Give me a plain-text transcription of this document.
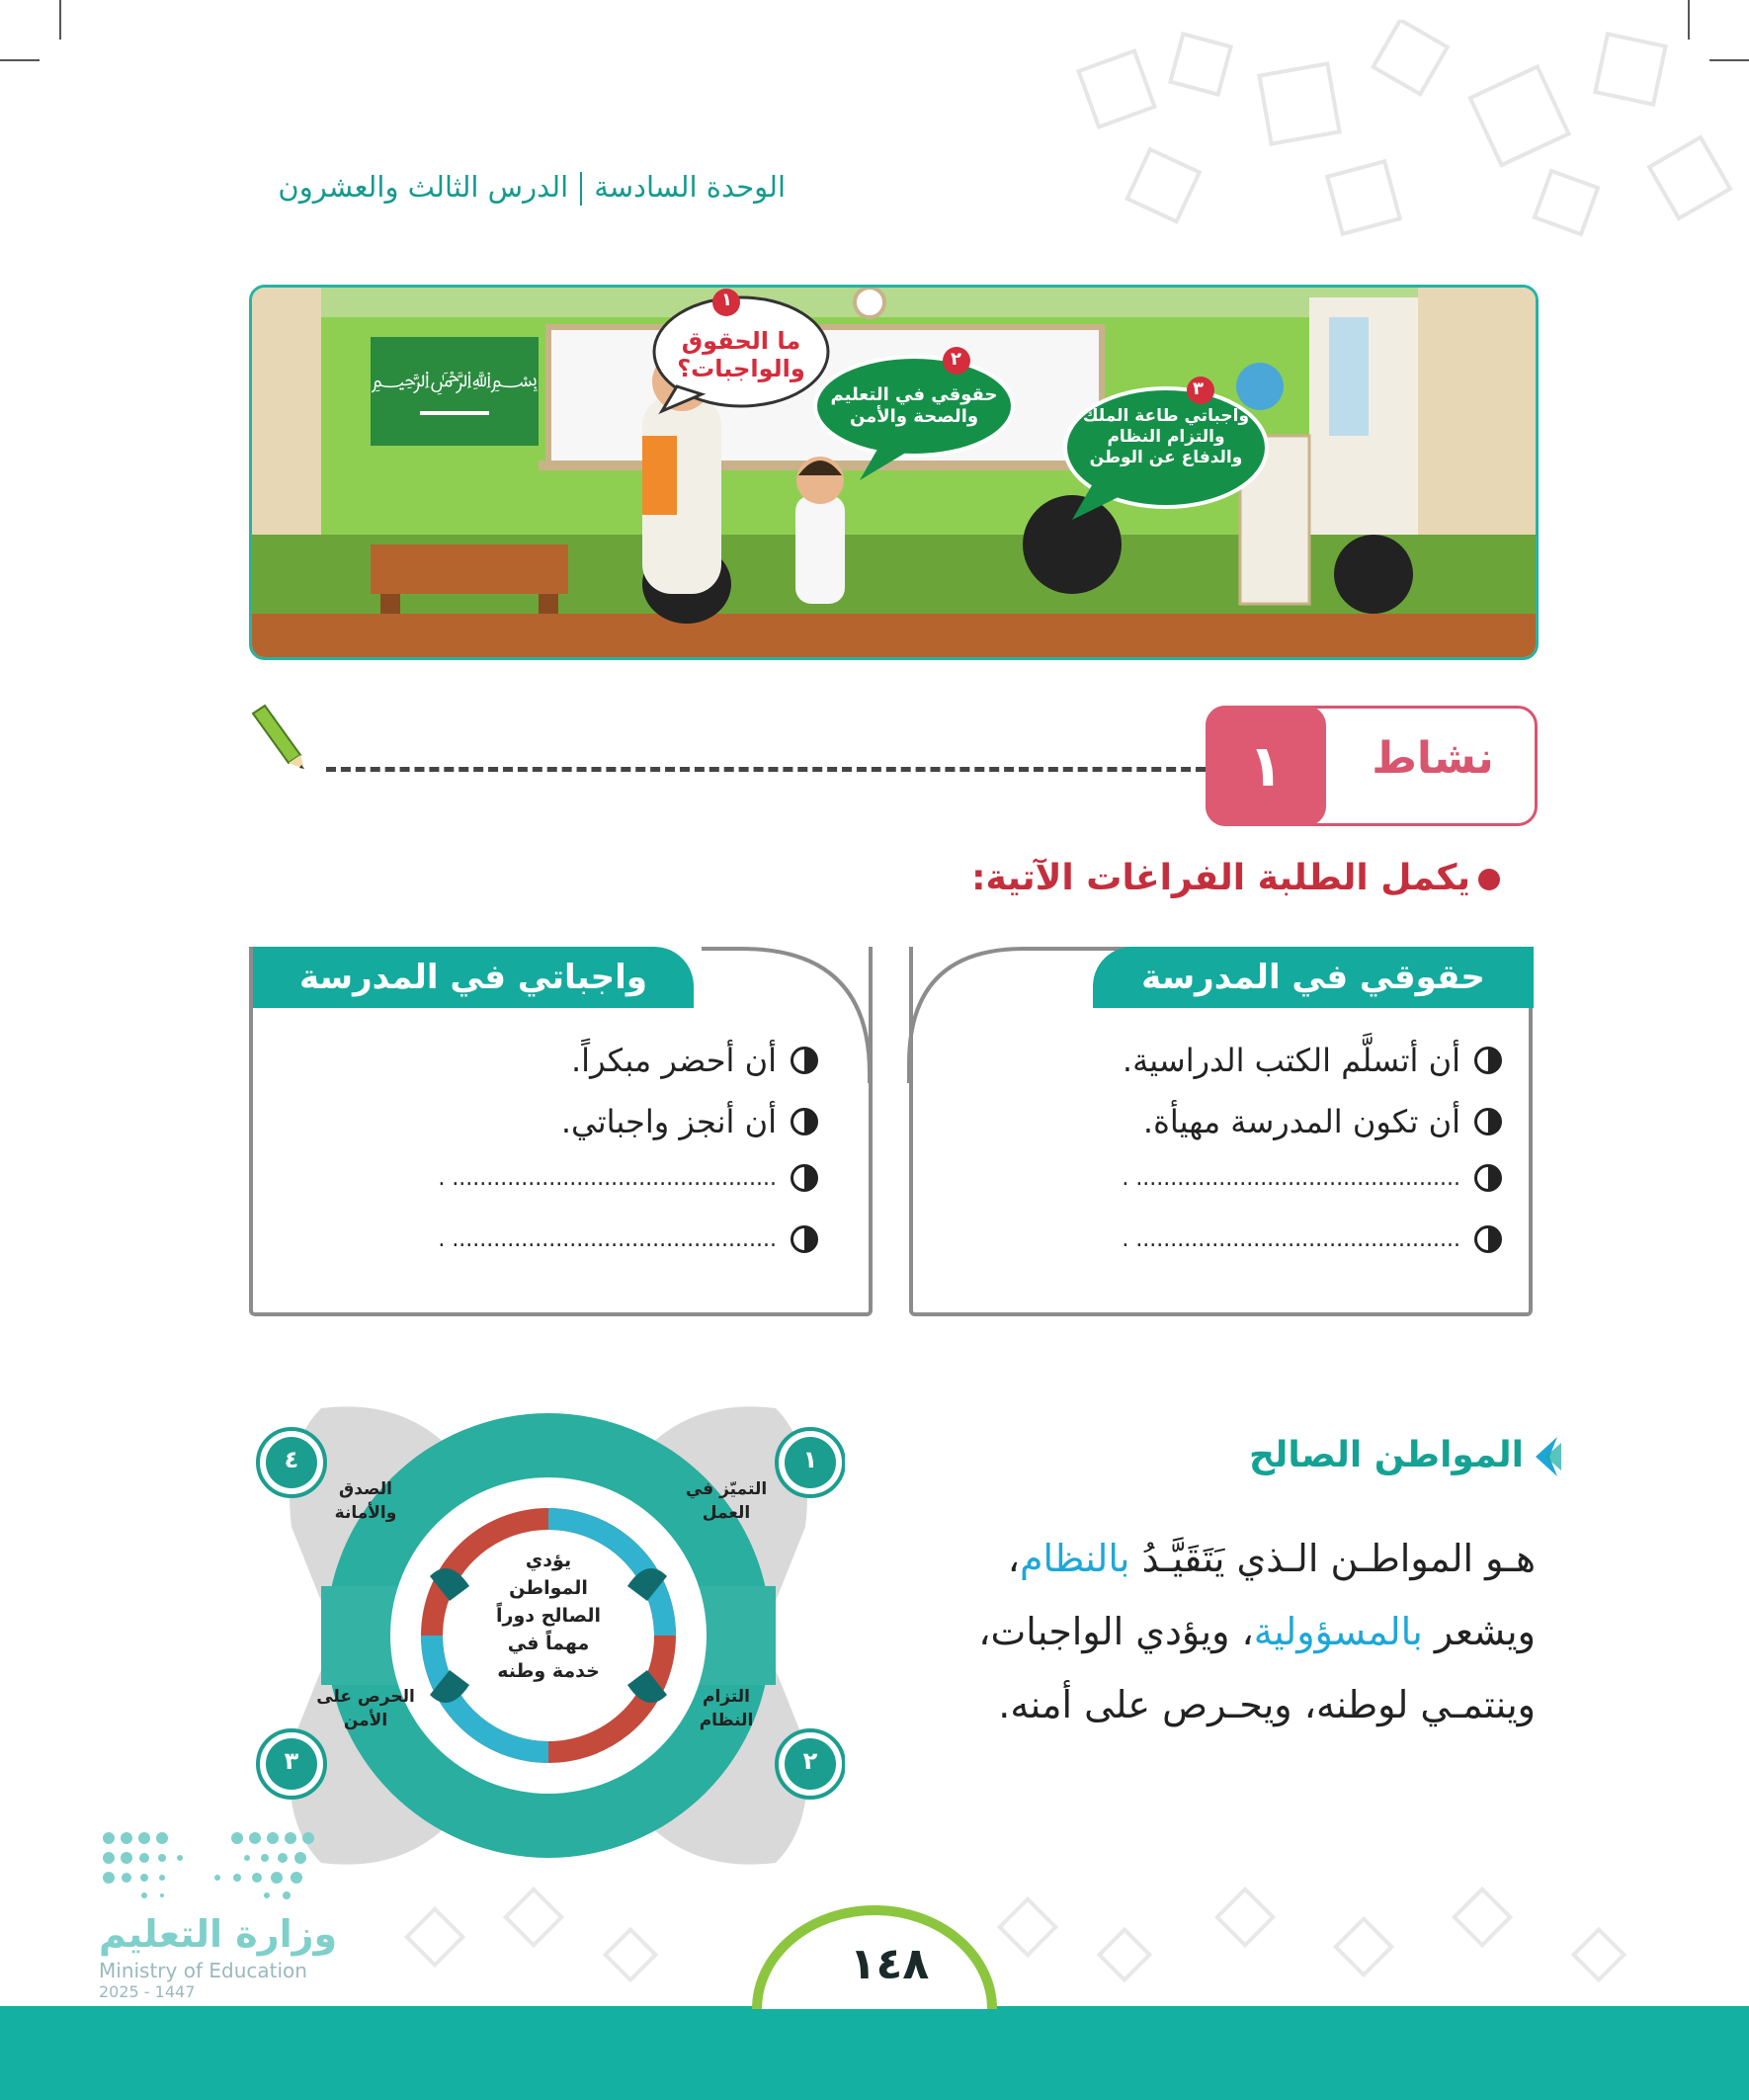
الوحدة السادسةالدرس الثالث والعشرون
﷽
١
ما الحقوق
والواجبات؟	٢
حقوقي في التعليم
والصحة والأمن
٣
واجباتي طاعة الملك
والتزام النظام
والدفاع عن الوطن
١	نشاط
يكمل الطلبة الفراغات الآتية:
حقوقي في المدرسة
أن أتسلَّم الكتب الدراسية.
أن تكون المدرسة مهيأة.
............................................... .
............................................... .
واجباتي في المدرسة
أن أحضر مبكراً.
أن أنجز واجباتي.
............................................... .
............................................... .
المواطن الصالح
هـو المواطـن الـذي يَتَقَيَّـدُ بالنظام،
ويشعر بالمسؤولية، ويؤدي الواجبات،
وينتمـي لوطنه، ويحـرص على أمنه.
يؤدي
المواطن
الصالح دوراً
مهماً في
خدمة وطنه
١
٢
٣
٤
التميّز في
العمل
التزام
النظام
الحرص على
الأمن
الصدق
والأمانة
وزارة التعليم
Ministry of Education
2025 - 1447
١٤٨
